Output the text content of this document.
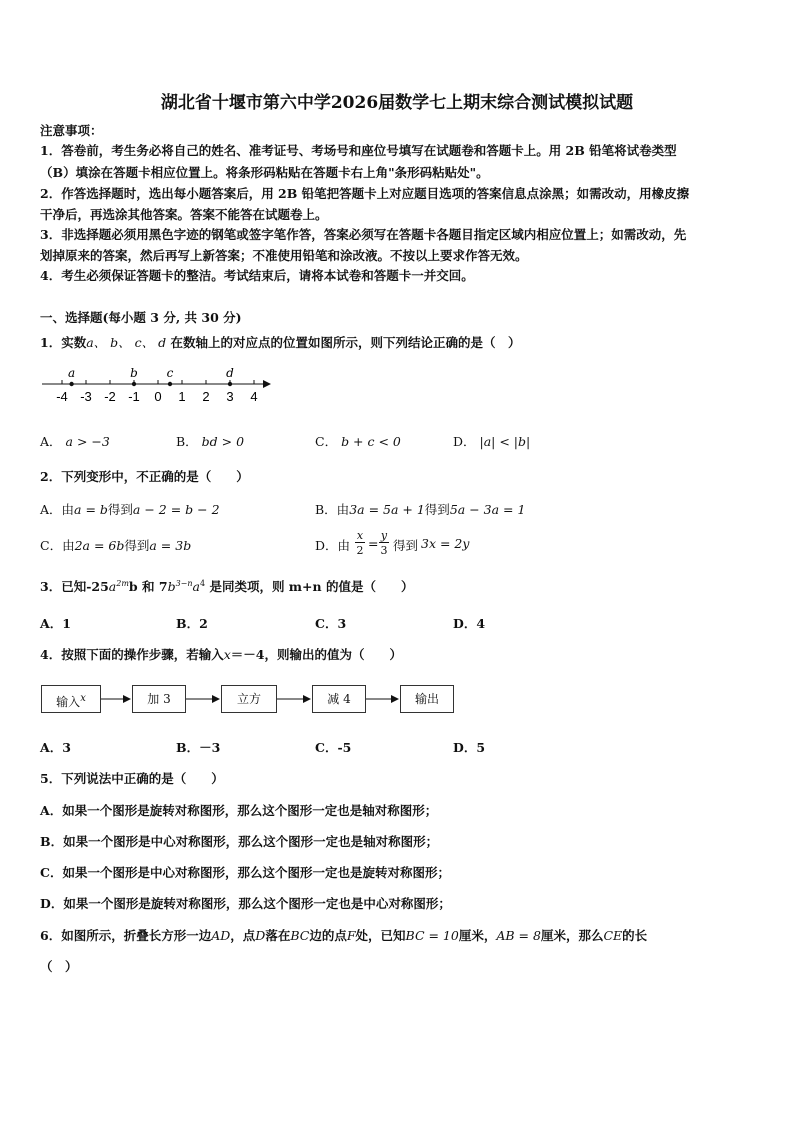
湖北省十堰市第六中学2026届数学七上期末综合测试模拟试题
注意事项：
1．答卷前，考生务必将自己的姓名、准考证号、考场号和座位号填写在试题卷和答题卡上。用 2B 铅笔将试卷类型
（B）填涂在答题卡相应位置上。将条形码粘贴在答题卡右上角"条形码粘贴处"。
2．作答选择题时，选出每小题答案后，用 2B 铅笔把答题卡上对应题目选项的答案信息点涂黑；如需改动，用橡皮擦
干净后，再选涂其他答案。答案不能答在试题卷上。
3．非选择题必须用黑色字迹的钢笔或签字笔作答，答案必须写在答题卡各题目指定区域内相应位置上；如需改动，先
划掉原来的答案，然后再写上新答案；不准使用铅笔和涂改液。不按以上要求作答无效。
4．考生必须保证答题卡的整洁。考试结束后，请将本试卷和答题卡一并交回。
一、选择题(每小题 3 分, 共 30 分)
1．实数a、 b、 c、 d 在数轴上的对应点的位置如图所示，则下列结论正确的是（　）
-4 -3 -2 -1 0 1 2 3 4
a	b c	d
A． a > −3	B． bd > 0	C． b + c < 0	D． |a| < |b|
2．下列变形中，不正确的是（　　）
A．由a = b得到a − 2 = b − 2	B．由3a = 5a + 1得到5a − 3a = 1
C．由2a = 6b得到a = 3b	D．由
x
2 =
y
3 得到 3x = 2y
3．已知$-25a^{2m}b$ 和 $7b^{3-n}a^4$ 是同类项，则 m+n 的值是（　　）
A．1	B．2	C．3	D．4
4．按照下面的操作步骤，若输入x＝－4，则输出的值为（　　）
输入$^x$	加 3	立方	减 4	输出
A．3	B．－3	C．-5	D．5
5．下列说法中正确的是（　　）
A．如果一个图形是旋转对称图形，那么这个图形一定也是轴对称图形；
B．如果一个图形是中心对称图形，那么这个图形一定也是轴对称图形；
C．如果一个图形是中心对称图形，那么这个图形一定也是旋转对称图形；
D．如果一个图形是旋转对称图形，那么这个图形一定也是中心对称图形；
6．如图所示，折叠长方形一边AD，点D落在BC边的点F处，已知BC = 10厘米，AB = 8厘米，那么CE的长
（　）
